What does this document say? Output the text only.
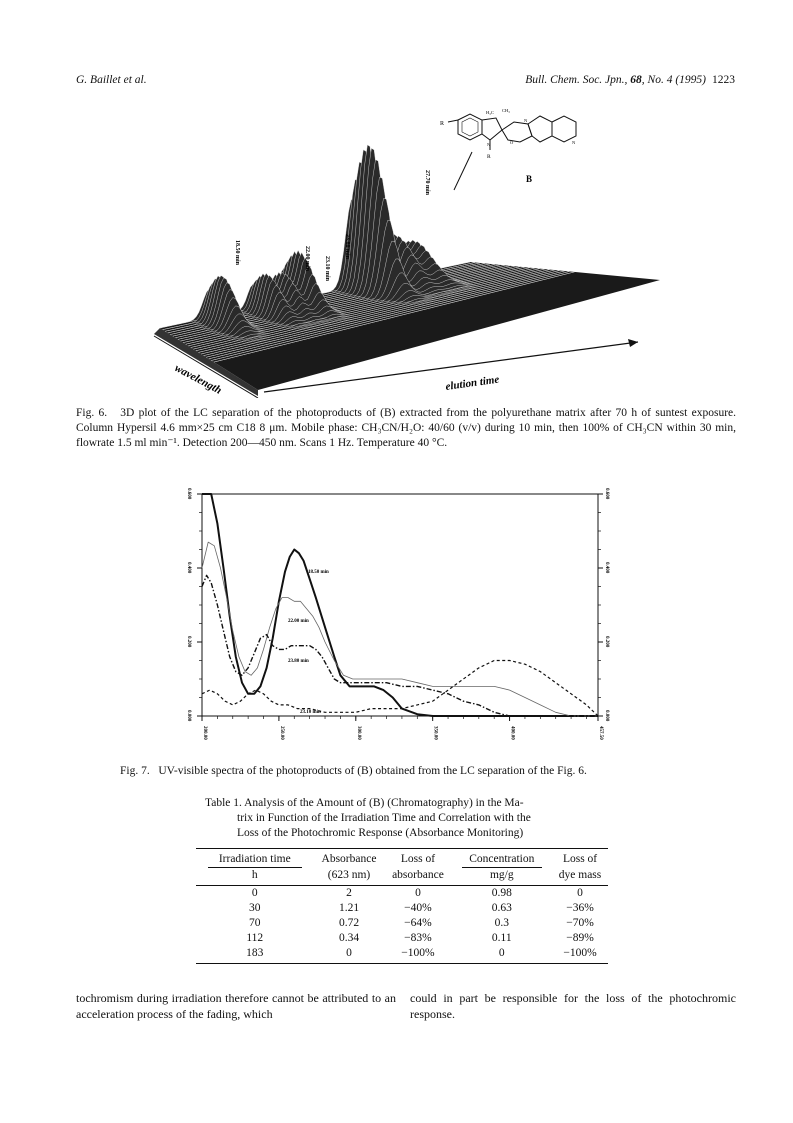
G. Baillet et al.	Bull. Chem. Soc. Jpn., 68, No. 4 (1995) 1223
wavelength	elution time
18.50 min	22.00 min 23.10 min
23.80 min
27.70 min
R
H₃C CH₃
N
N	O	N
R
B
Fig. 6. 3D plot of the LC separation of the photoproducts of (B) extracted from the polyurethane matrix after 70 h of suntest exposure. Column Hypersil 4.6 mm×25 cm C18 8 μm. Mobile phase: CH₃CN/H₂O: 40/60 (v/v) during 10 min, then 100% of CH₃CN within 30 min, flowrate 1.5 ml min⁻¹. Detection 200—450 nm. Scans 1 Hz. Temperature 40 °C.
200.00	250.00	300.00	350.00	400.00	457.50
0.000
0.200
0.400
0.600
0.000
0.200
0.400
0.600
18.50 min
22.00 min
23.80 min
23.10 min
Fig. 7. UV-visible spectra of the photoproducts of (B) obtained from the LC separation of the Fig. 6.
Table 1. Analysis of the Amount of (B) (Chromatography) in the Ma-
trix in Function of the Irradiation Time and Correlation with the
Loss of the Photochromic Response (Absorbance Monitoring)
Irradiation time	Absorbance	Loss of	Concentration	Loss of
h	(623 nm)	absorbance	mg/g	dye mass
0	2	0	0.98	0
30	1.21	−40%	0.63	−36%
70	0.72	−64%	0.3	−70%
112	0.34	−83%	0.11	−89%
183	0	−100%	0	−100%
tochromism during irradiation therefore cannot be attributed to an acceleration process of the fading, which
could in part be responsible for the loss of the photochromic response.
